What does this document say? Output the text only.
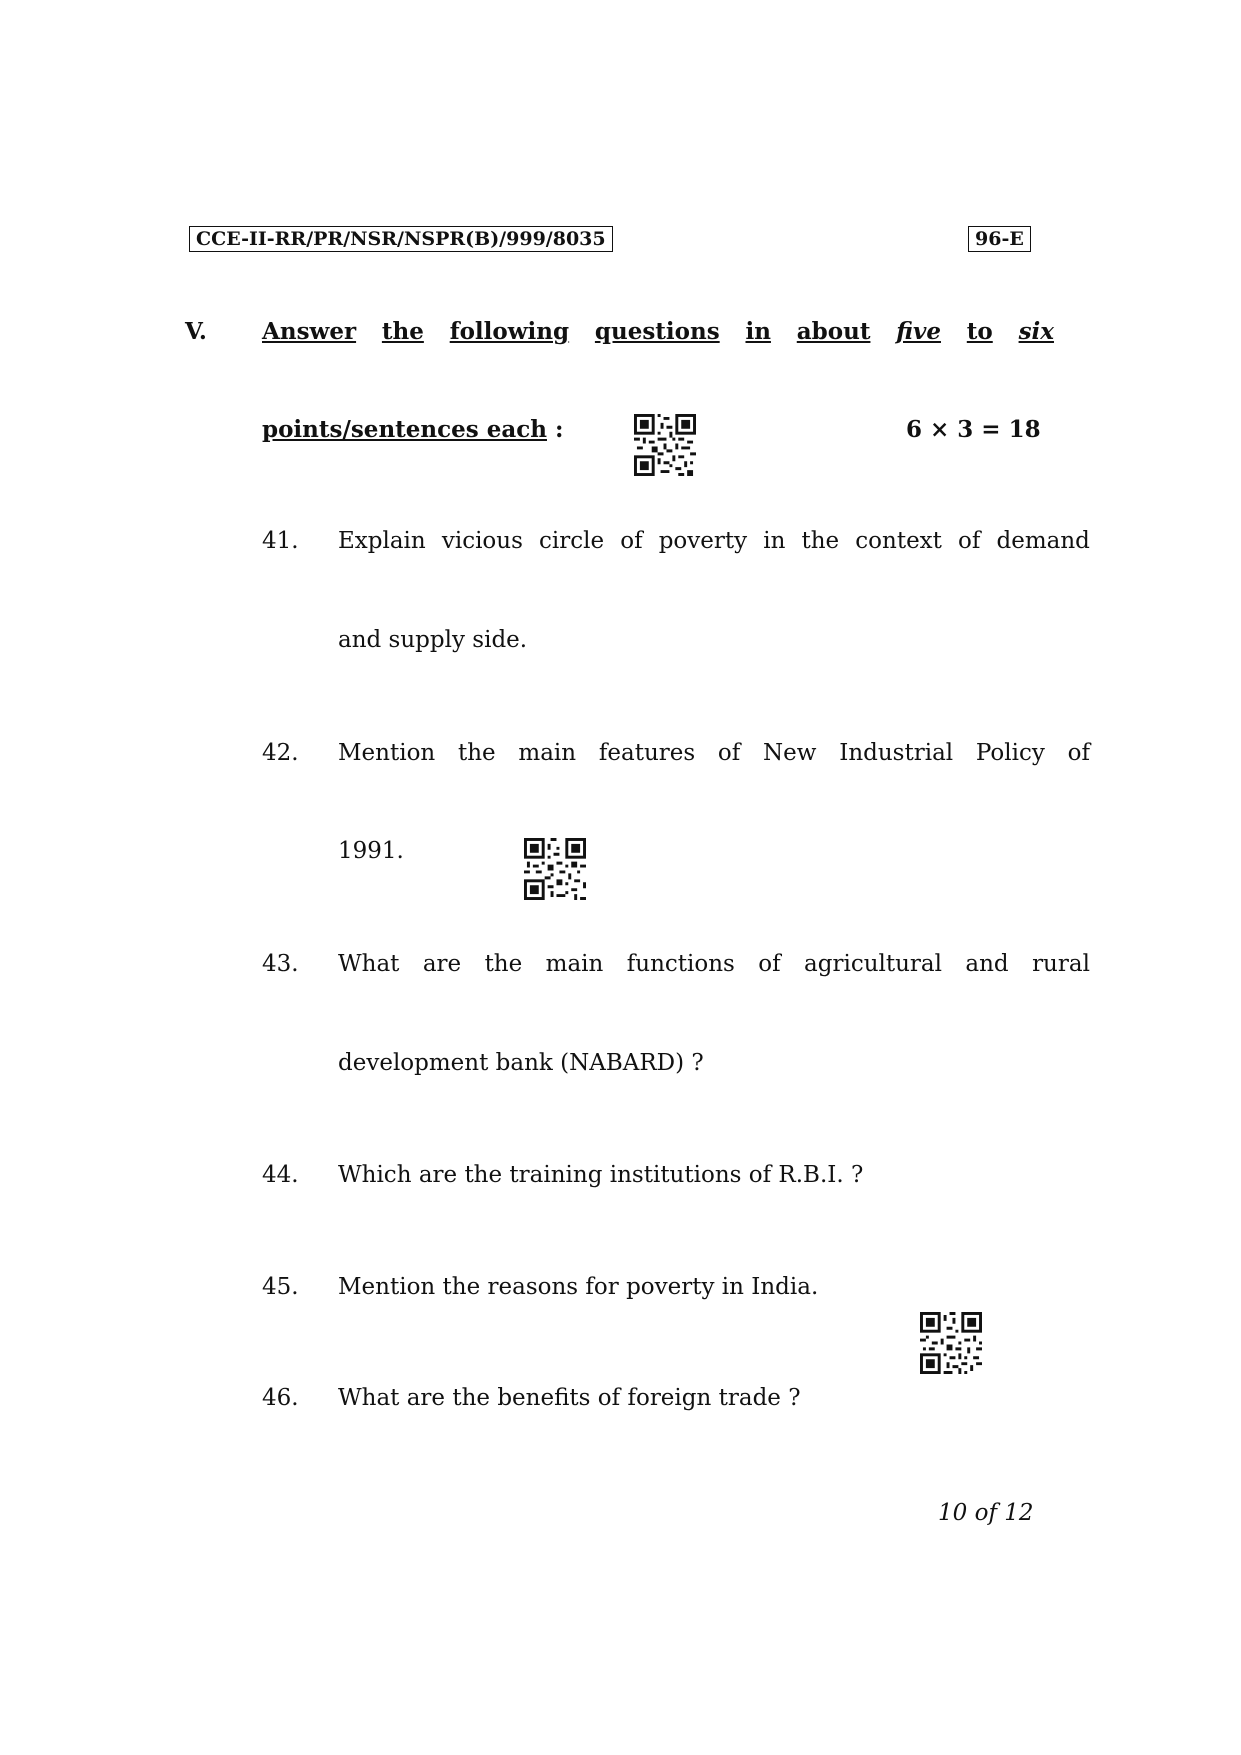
CCE-II-RR/PR/NSR/NSPR(B)/999/8035	96-E
V. Answer the following questions in about five to six
points/sentences each :	6 × 3 = 18
41. Explain vicious circle of poverty in the context of demand
and supply side.
42. Mention the main features of New Industrial Policy of
1991.
43. What are the main functions of agricultural and rural
development bank (NABARD) ?
44. Which are the training institutions of R.B.I. ?
45. Mention the reasons for poverty in India.
46. What are the benefits of foreign trade ?
10 of 12
